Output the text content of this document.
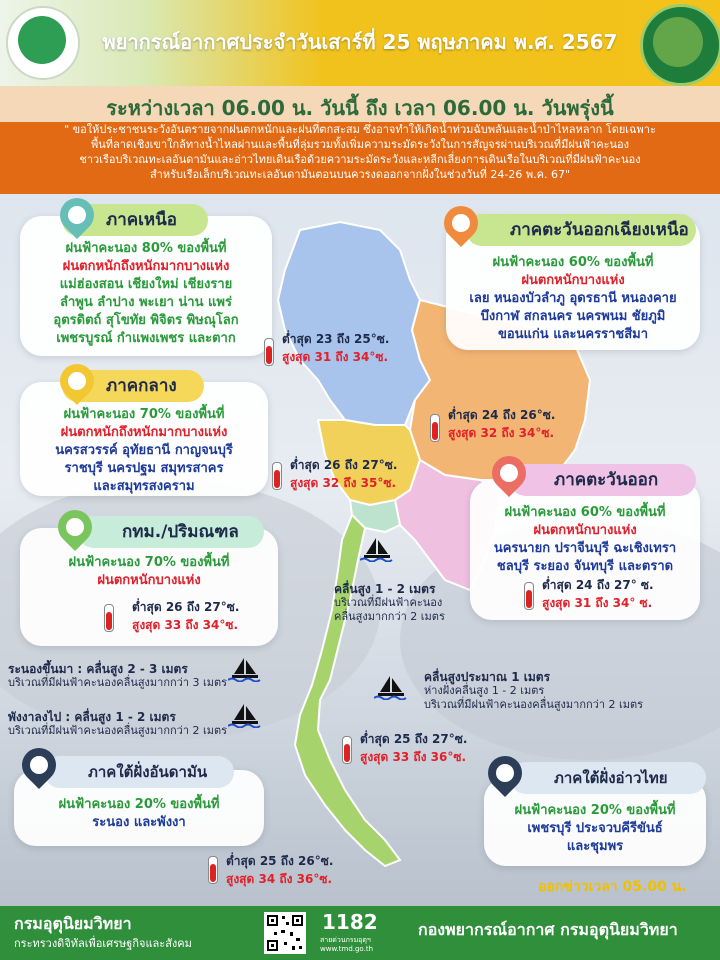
พยากรณ์อากาศประจำวันเสาร์ที่ 25 พฤษภาคม พ.ศ. 2567
ระหว่างเวลา 06.00 น. วันนี้ ถึง เวลา 06.00 น. วันพรุ่งนี้
" ขอให้ประชาชนระวังอันตรายจากฝนตกหนักและฝนที่ตกสะสม ซึ่งอาจทำให้เกิดน้ำท่วมฉับพลันและน้ำป่าไหลหลาก โดยเฉพาะ
พื้นที่ลาดเชิงเขาใกล้ทางน้ำไหลผ่านและพื้นที่ลุ่มรวมทั้งเพิ่มความระมัดระวังในการสัญจรผ่านบริเวณที่มีฝนฟ้าคะนอง
ชาวเรือบริเวณทะเลอันดามันและอ่าวไทยเดินเรือด้วยความระมัดระวังและหลีกเลี่ยงการเดินเรือในบริเวณที่มีฝนฟ้าคะนอง
สำหรับเรือเล็กบริเวณทะเลอันดามันตอนบนควรงดออกจากฝั่งในช่วงวันที่ 24-26 พ.ค. 67"
ภาคเหนือ
ฝนฟ้าคะนอง 80% ของพื้นที่
ฝนตกหนักถึงหนักมากบางแห่ง
แม่ฮ่องสอน เชียงใหม่ เชียงราย
ลำพูน ลำปาง พะเยา น่าน แพร่
อุตรดิตถ์ สุโขทัย พิจิตร พิษณุโลก
เพชรบูรณ์ กำแพงเพชร และตาก	ต่ำสุด 23 ถึง 25°ซ.
สูงสุด 31 ถึง 34°ซ.
ภาคตะวันออกเฉียงเหนือ
ฝนฟ้าคะนอง 60% ของพื้นที่
ฝนตกหนักบางแห่ง
เลย หนองบัวลำภู อุดรธานี หนองคาย
บึงกาฬ สกลนคร นครพนม ชัยภูมิ
ขอนแก่น และนครราชสีมา
ต่ำสุด 24 ถึง 26°ซ.
สูงสุด 32 ถึง 34°ซ.
ภาคกลาง
ฝนฟ้าคะนอง 70% ของพื้นที่
ฝนตกหนักถึงหนักมากบางแห่ง
นครสวรรค์ อุทัยธานี กาญจนบุรี
ราชบุรี นครปฐม สมุทรสาคร
และสมุทรสงคราม
ต่ำสุด 26 ถึง 27°ซ.
สูงสุด 32 ถึง 35°ซ.	ภาคตะวันออก
ฝนฟ้าคะนอง 60% ของพื้นที่
ฝนตกหนักบางแห่ง
นครนายก ปราจีนบุรี ฉะเชิงเทรา
ชลบุรี ระยอง จันทบุรี และตราด
ต่ำสุด 24 ถึง 27° ซ.
สูงสุด 31 ถึง 34° ซ.
กทม./ปริมณฑล
ฝนฟ้าคะนอง 70% ของพื้นที่
ฝนตกหนักบางแห่ง
ต่ำสุด 26 ถึง 27°ซ.
สูงสุด 33 ถึง 34°ซ.
คลื่นสูง 1 - 2 เมตร
บริเวณที่มีฝนฟ้าคะนอง
คลื่นสูงมากกว่า 2 เมตร
ระนองขึ้นมา : คลื่นสูง 2 - 3 เมตร
บริเวณที่มีฝนฟ้าคะนองคลื่นสูงมากกว่า 3 เมตร
พังงาลงไป : คลื่นสูง 1 - 2 เมตร
บริเวณที่มีฝนฟ้าคะนองคลื่นสูงมากกว่า 2 เมตร
คลื่นสูงประมาณ 1 เมตร
ห่างฝั่งคลื่นสูง 1 - 2 เมตร
บริเวณที่มีฝนฟ้าคะนองคลื่นสูงมากกว่า 2 เมตร
ต่ำสุด 25 ถึง 27°ซ.
สูงสุด 33 ถึง 36°ซ.
ภาคใต้ฝั่งอันดามัน
ฝนฟ้าคะนอง 20% ของพื้นที่
ระนอง และพังงา
ต่ำสุด 25 ถึง 26°ซ.
สูงสุด 34 ถึง 36°ซ.
ภาคใต้ฝั่งอ่าวไทย
ฝนฟ้าคะนอง 20% ของพื้นที่
เพชรบุรี ประจวบคีรีขันธ์
และชุมพร
ออกข่าวเวลา 05.00 น.
กรมอุตุนิยมวิทยา
กระทรวงดิจิทัลเพื่อเศรษฐกิจและสังคม
1182
สายด่วนกรมอุตุฯ
www.tmd.go.th
กองพยากรณ์อากาศ กรมอุตุนิยมวิทยา
